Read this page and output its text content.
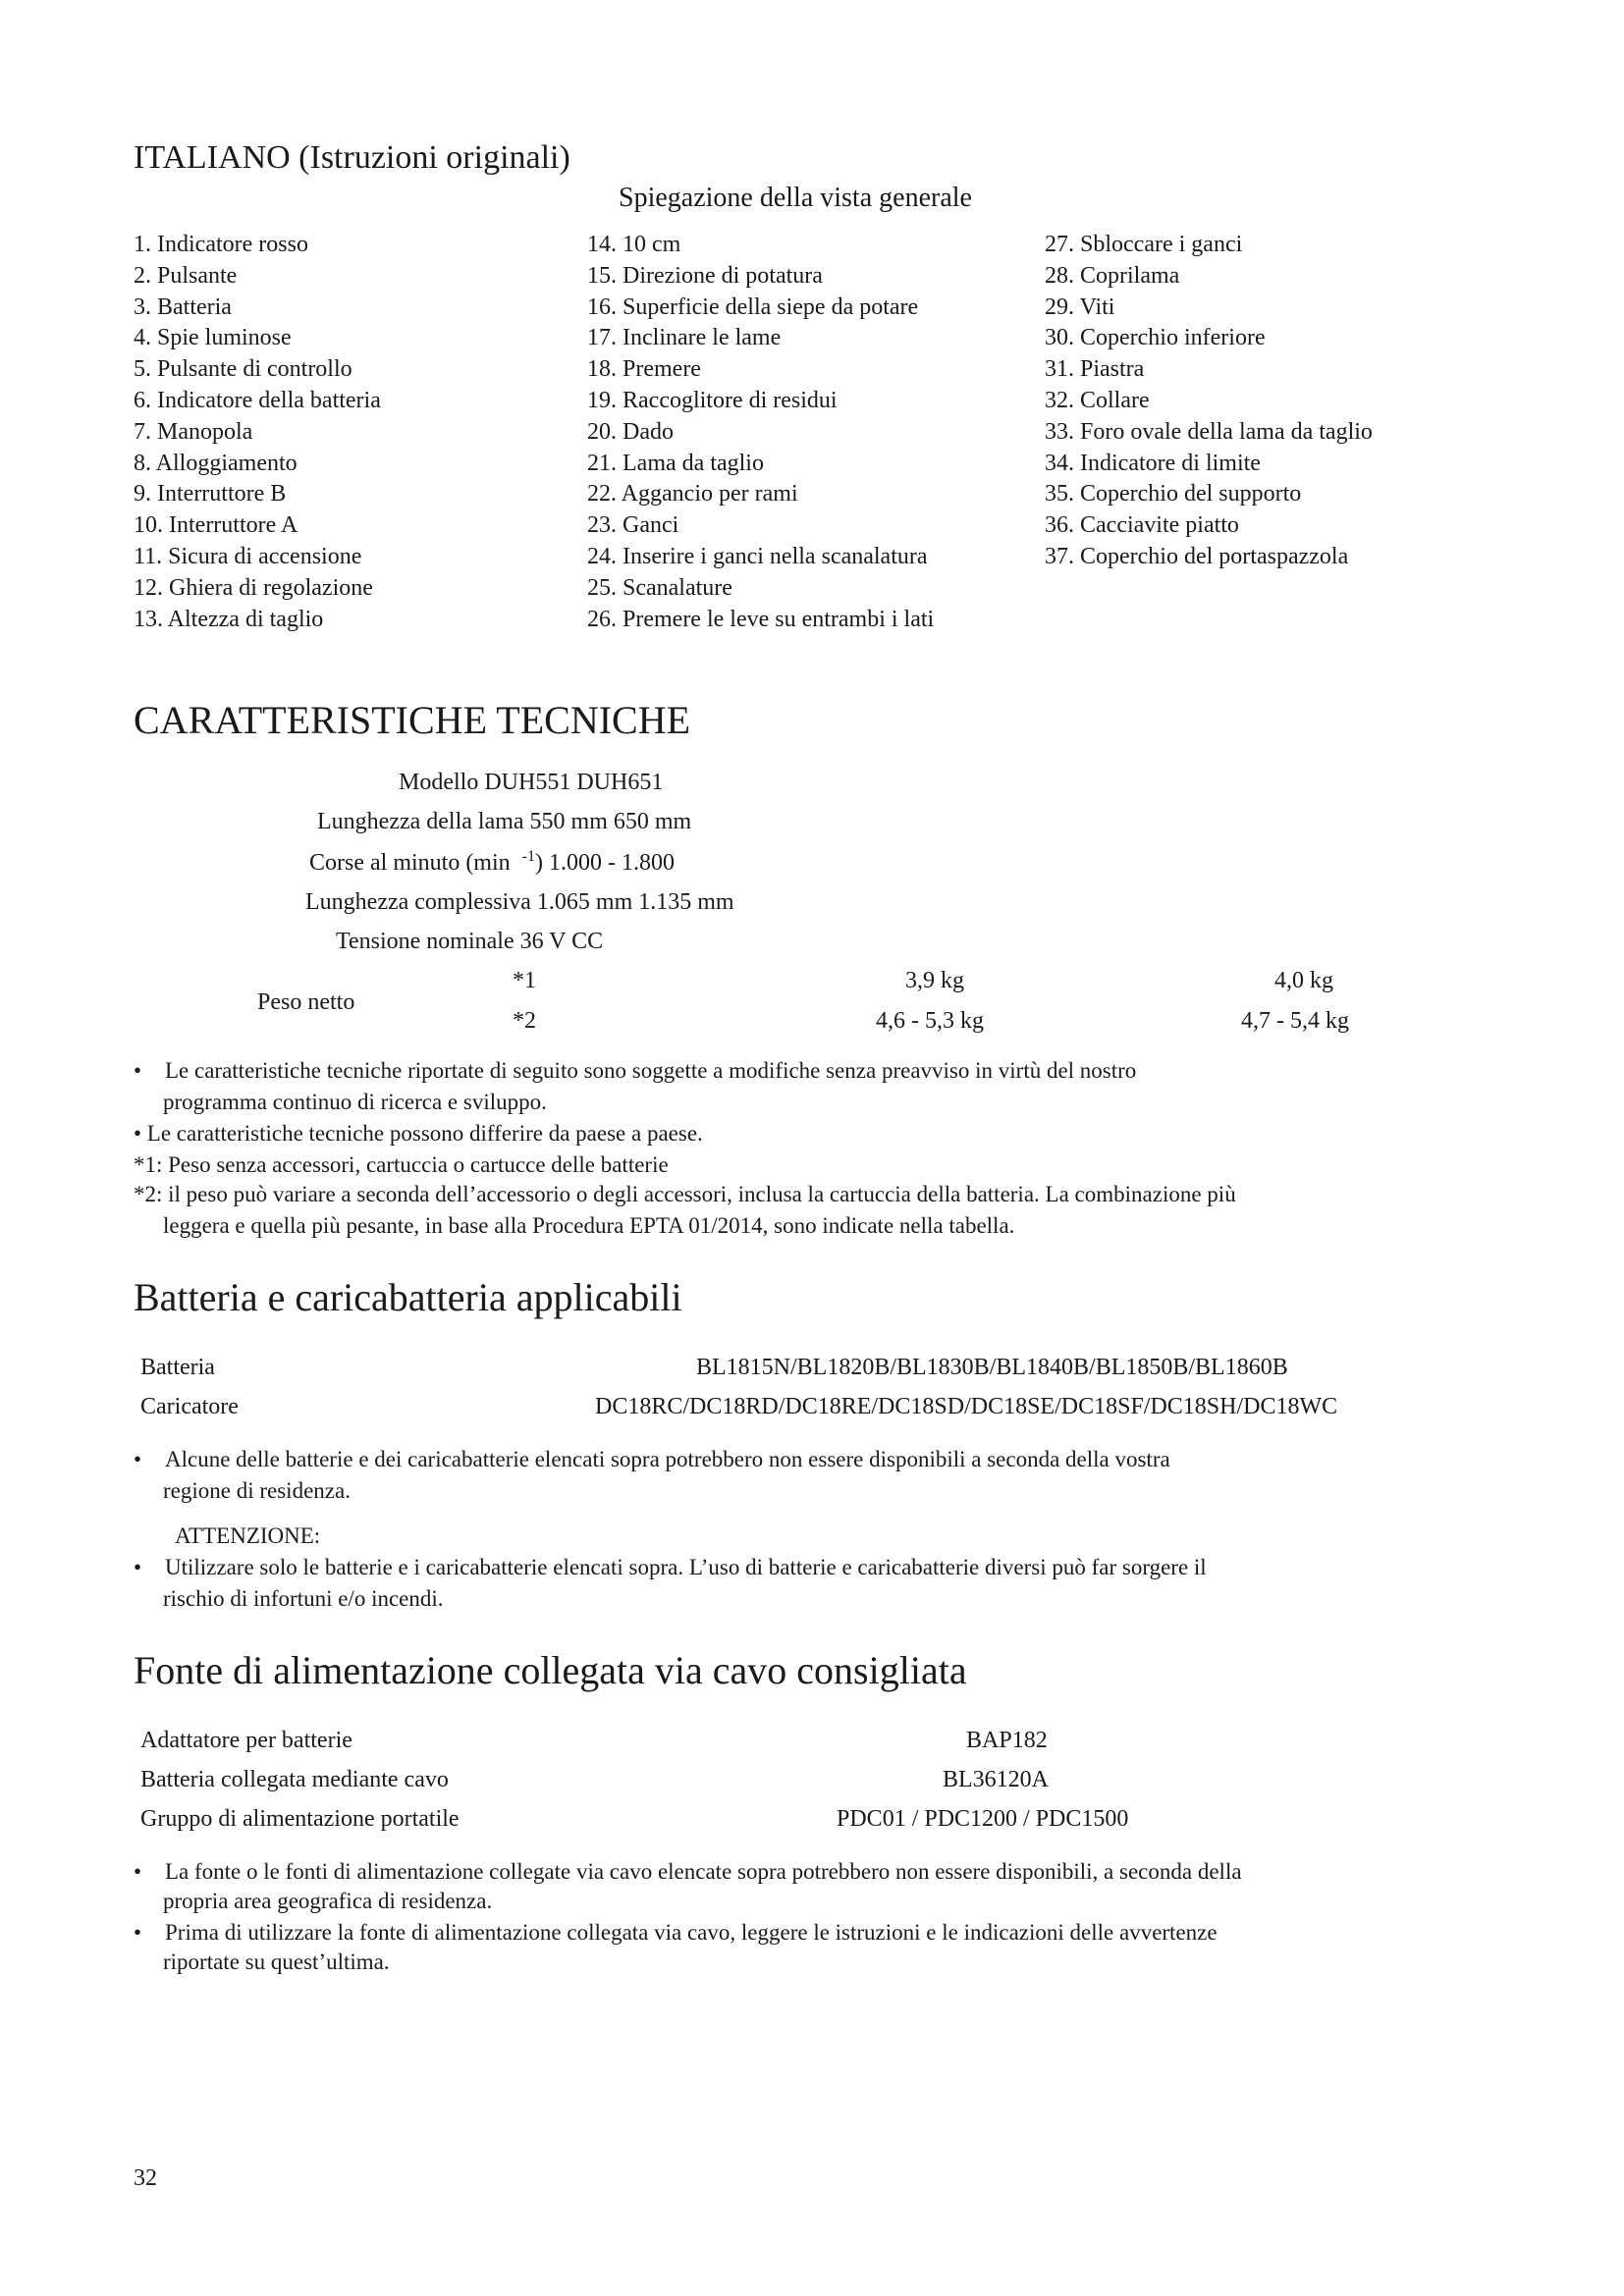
ITALIANO (Istruzioni originali)
Spiegazione della vista generale
1. Indicatore rosso
2. Pulsante
3. Batteria
4. Spie luminose
5. Pulsante di controllo
6. Indicatore della batteria
7. Manopola
8. Alloggiamento
9. Interruttore B
10. Interruttore A
11. Sicura di accensione
12. Ghiera di regolazione
13. Altezza di taglio
14. 10 cm
15. Direzione di potatura
16. Superficie della siepe da potare
17. Inclinare le lame
18. Premere
19. Raccoglitore di residui
20. Dado
21. Lama da taglio
22. Aggancio per rami
23. Ganci
24. Inserire i ganci nella scanalatura
25. Scanalature
26. Premere le leve su entrambi i lati
27. Sbloccare i ganci
28. Coprilama
29. Viti
30. Coperchio inferiore
31. Piastra
32. Collare
33. Foro ovale della lama da taglio
34. Indicatore di limite
35. Coperchio del supporto
36. Cacciavite piatto
37. Coperchio del portaspazzola
CARATTERISTICHE TECNICHE
Modello DUH551 DUH651
Lunghezza della lama 550 mm 650 mm
Corse al minuto (min $^{-1}$) 1.000 - 1.800
Lunghezza complessiva 1.065 mm 1.135 mm
Tensione nominale 36 V CC
Peso netto
*1	3,9 kg	4,0 kg
*2	4,6 - 5,3 kg	4,7 - 5,4 kg
• Le caratteristiche tecniche riportate di seguito sono soggette a modifiche senza preavviso in virtù del nostro
programma continuo di ricerca e sviluppo.
• Le caratteristiche tecniche possono differire da paese a paese.
*1: Peso senza accessori, cartuccia o cartucce delle batterie
*2: il peso può variare a seconda dell’accessorio o degli accessori, inclusa la cartuccia della batteria. La combinazione più
leggera e quella più pesante, in base alla Procedura EPTA 01/2014, sono indicate nella tabella.
Batteria e caricabatteria applicabili
Batteria	BL1815N/BL1820B/BL1830B/BL1840B/BL1850B/BL1860B
Caricatore	DC18RC/DC18RD/DC18RE/DC18SD/DC18SE/DC18SF/DC18SH/DC18WC
• Alcune delle batterie e dei caricabatterie elencati sopra potrebbero non essere disponibili a seconda della vostra
regione di residenza.
ATTENZIONE:
• Utilizzare solo le batterie e i caricabatterie elencati sopra. L’uso di batterie e caricabatterie diversi può far sorgere il
rischio di infortuni e/o incendi.
Fonte di alimentazione collegata via cavo consigliata
Adattatore per batterie	BAP182
Batteria collegata mediante cavo	BL36120A
Gruppo di alimentazione portatile	PDC01 / PDC1200 / PDC1500
• La fonte o le fonti di alimentazione collegate via cavo elencate sopra potrebbero non essere disponibili, a seconda della
propria area geografica di residenza.
• Prima di utilizzare la fonte di alimentazione collegata via cavo, leggere le istruzioni e le indicazioni delle avvertenze
riportate su quest’ultima.
32
